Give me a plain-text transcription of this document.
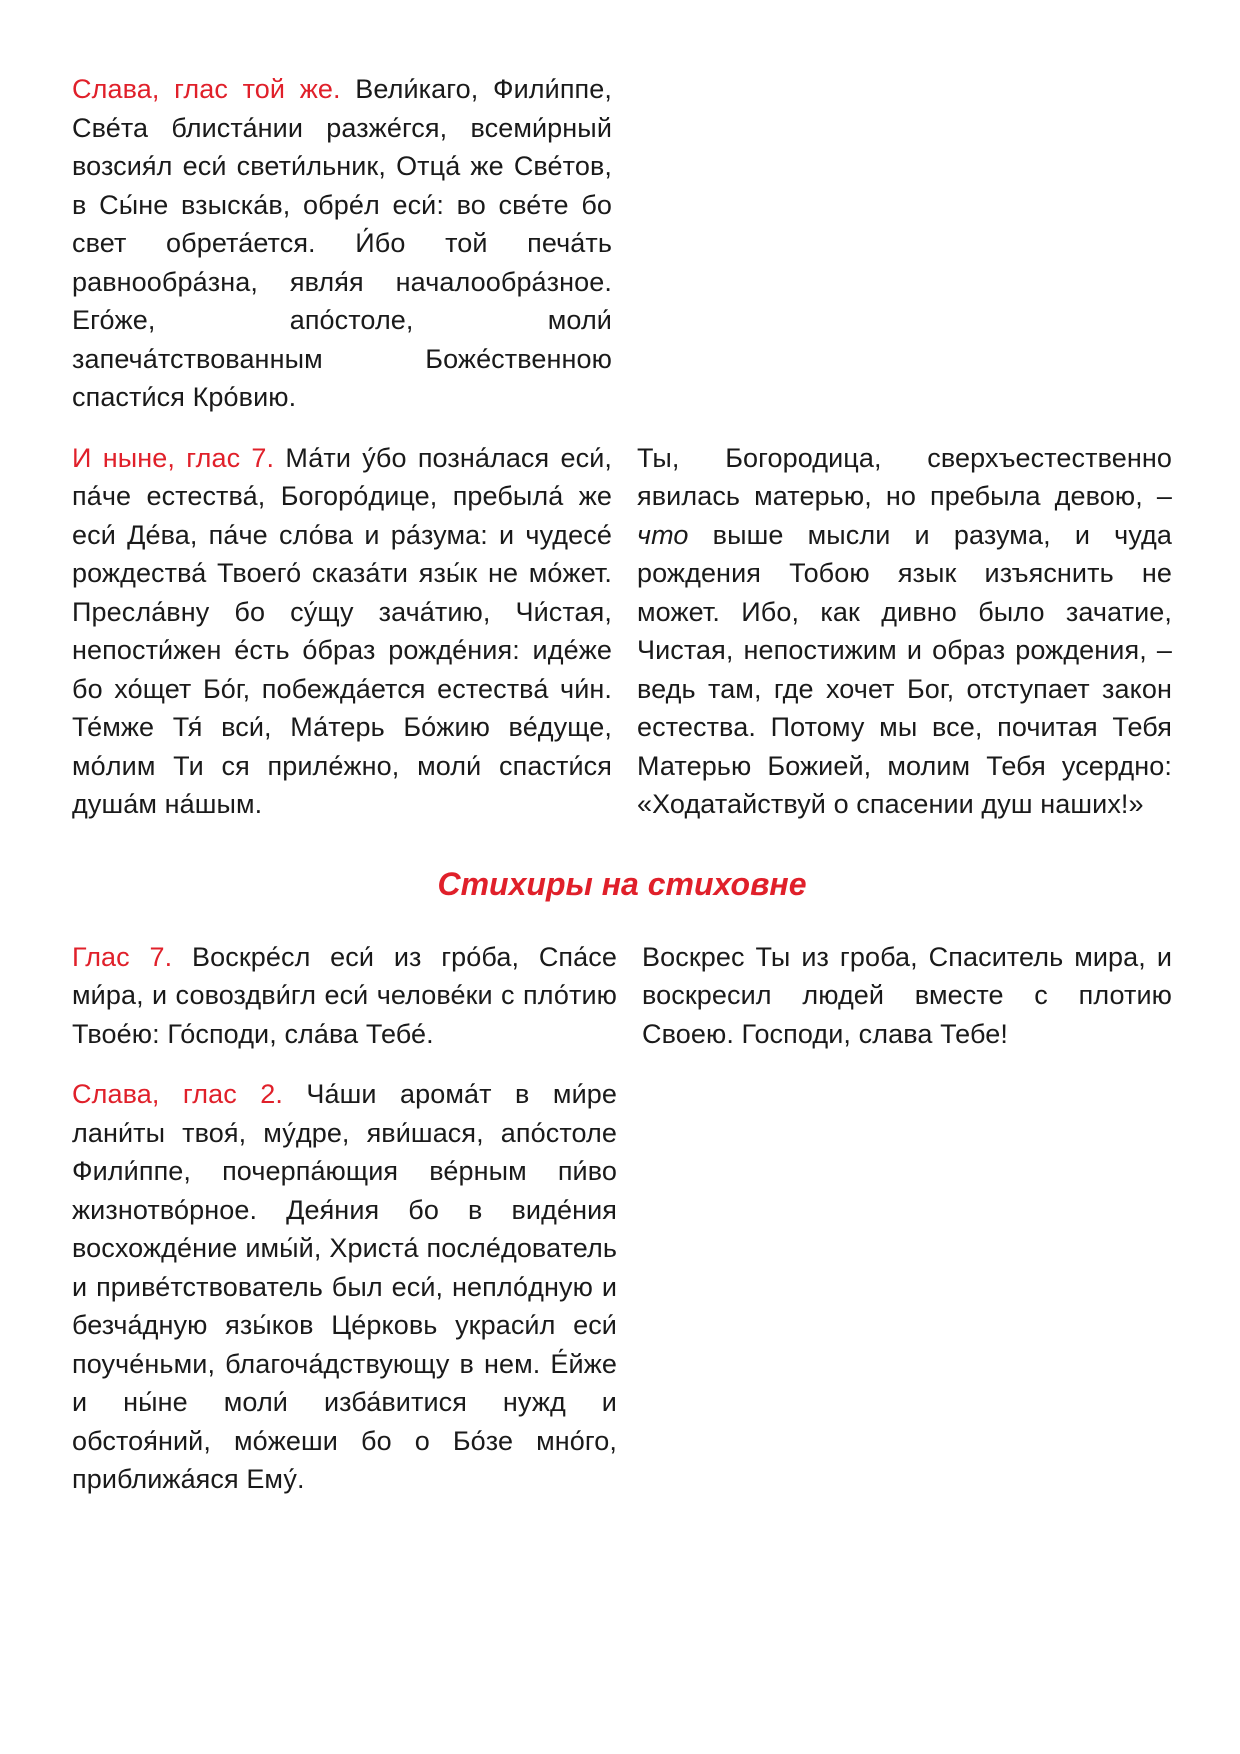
Слава, глас той же. Вели́каго, Фили́ппе, Све́та блиста́нии разже́гся, всеми́рный возсия́л еси́ свети́льник, Отца́ же Све́тов, в Сы́не взыска́в, обре́л еси́: во све́те бо свет обрета́ется. И́бо той печа́ть равнообра́зна, явля́я началообра́зное. Его́же, апо́столе, моли́ запеча́тствованным Боже́ственною спасти́ся Кро́вию.

И ныне, глас 7. Ма́ти у́бо позна́лася еси́, па́че естества́, Богоро́дице, пребыла́ же еси́ Де́ва, па́че сло́ва и ра́зума: и чудесе́ рождества́ Твоего́ сказа́ти язы́к не мо́жет. Пресла́вну бо су́щу зача́тию, Чи́стая, непости́жен е́сть о́браз рожде́ния: иде́же бо хо́щет Бо́г, побежда́ется естества́ чи́н. Те́мже Тя́ вси́, Ма́терь Бо́жию ве́дуще, мо́лим Ти ся приле́жно, моли́ спасти́ся душа́м на́шым.

Ты, Богородица, сверхъестественно явилась матерью, но пребыла девою, – что выше мысли и разума, и чуда рождения Тобою язык изъяснить не может. Ибо, как дивно было зачатие, Чистая, непостижим и образ рождения, – ведь там, где хочет Бог, отступает закон естества. Потому мы все, почитая Тебя Матерью Божией, молим Тебя усердно: «Ходатайствуй о спасении душ наших!»

Стихиры на стиховне

Глас 7. Воскре́сл еси́ из гро́ба, Спа́се ми́ра, и совоздви́гл еси́ челове́ки с пло́тию Твое́ю: Го́споди, сла́ва Тебе́.

Воскрес Ты из гроба, Спаситель мира, и воскресил людей вместе с плотию Своею. Господи, слава Тебе!

Слава, глас 2. Ча́ши арома́т в ми́ре лани́ты твоя́, му́дре, яви́шася, апо́столе Фили́ппе, почерпа́ющия ве́рным пи́во жизнотво́рное. Дея́ния бо в виде́ния восхожде́ние имы́й, Христа́ после́дователь и приве́тствователь был еси́, непло́дную и безча́дную язы́ков Це́рковь украси́л еси́ поуче́ньми, благоча́дствующу в нем. Е́йже и ны́не моли́ изба́витися нужд и обстоя́ний, мо́жеши бо о Бо́зе мно́го, приближа́яся Ему́.
